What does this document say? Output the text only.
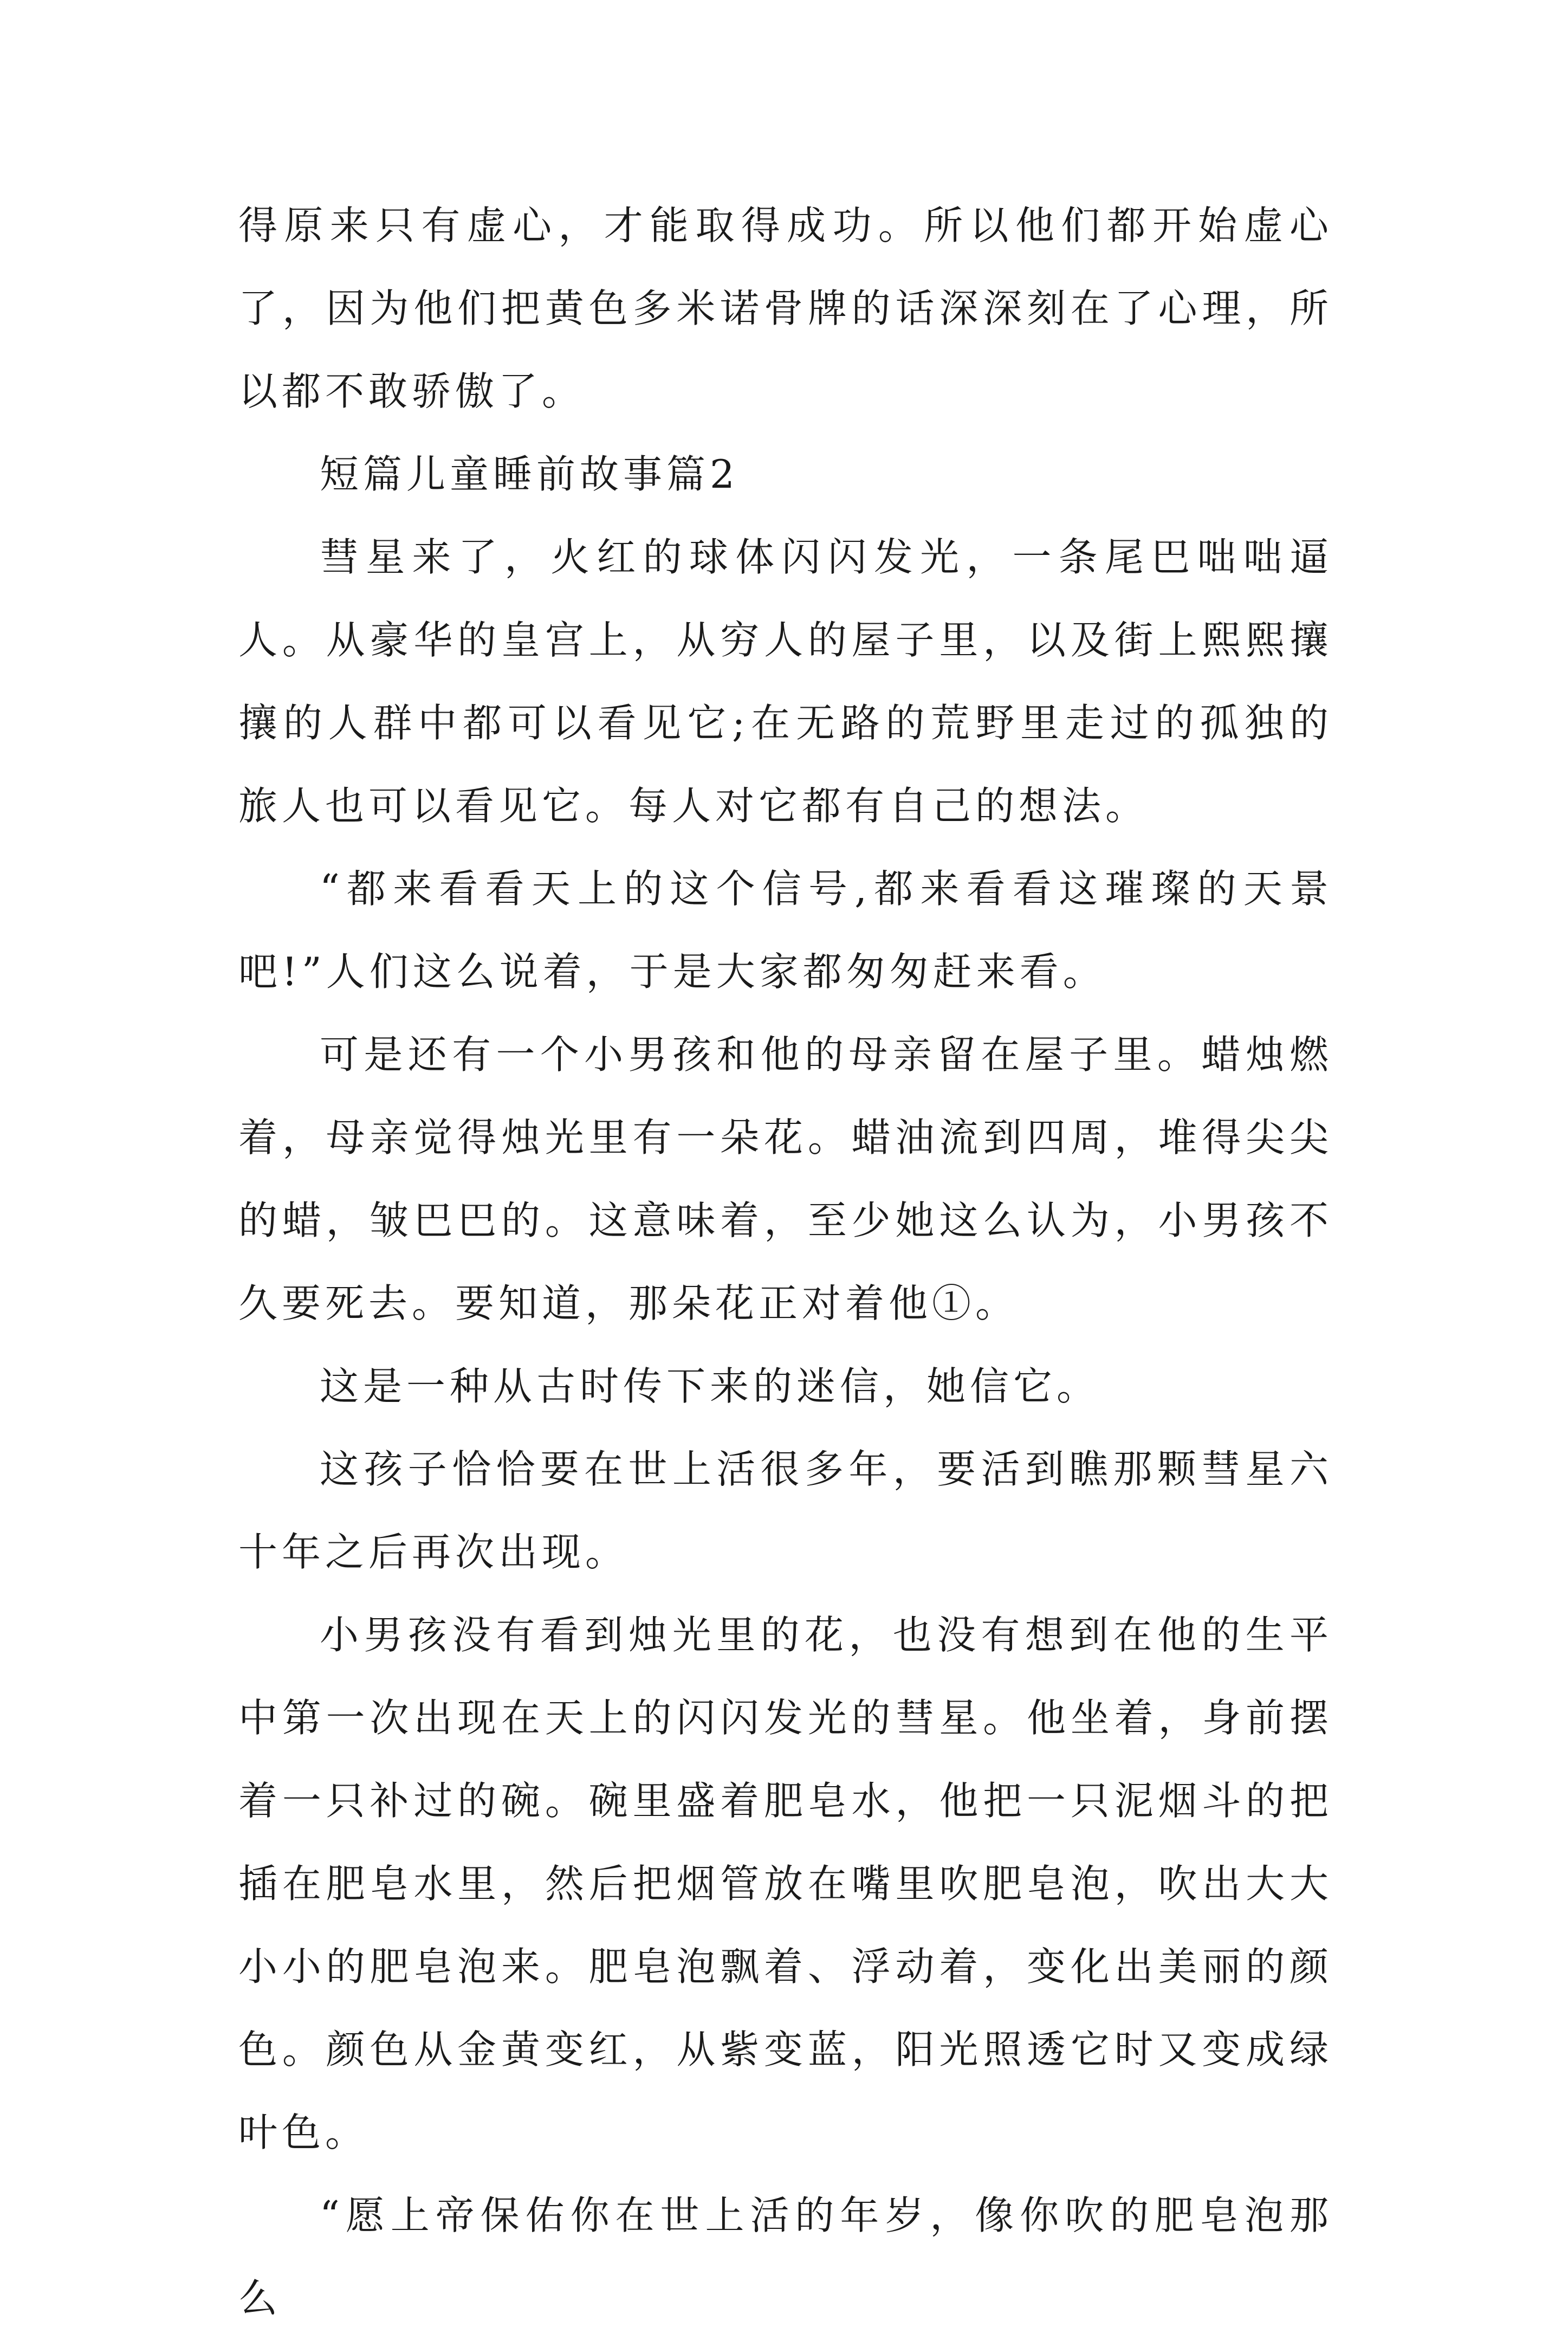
得原来只有虚心，才能取得成功。所以他们都开始虚心了，因为他们把黄色多米诺骨牌的话深深刻在了心理，所以都不敢骄傲了。

短篇儿童睡前故事篇2

彗星来了，火红的球体闪闪发光，一条尾巴咄咄逼人。从豪华的皇宫上，从穷人的屋子里，以及街上熙熙攘攘的人群中都可以看见它;在无路的荒野里走过的孤独的旅人也可以看见它。每人对它都有自己的想法。

“都来看看天上的这个信号,都来看看这璀璨的天景吧!”人们这么说着，于是大家都匆匆赶来看。

可是还有一个小男孩和他的母亲留在屋子里。蜡烛燃着，母亲觉得烛光里有一朵花。蜡油流到四周，堆得尖尖的蜡，皱巴巴的。这意味着，至少她这么认为，小男孩不久要死去。要知道，那朵花正对着他①。

这是一种从古时传下来的迷信，她信它。

这孩子恰恰要在世上活很多年，要活到瞧那颗彗星六十年之后再次出现。

小男孩没有看到烛光里的花，也没有想到在他的生平中第一次出现在天上的闪闪发光的彗星。他坐着，身前摆着一只补过的碗。碗里盛着肥皂水，他把一只泥烟斗的把插在肥皂水里，然后把烟管放在嘴里吹肥皂泡，吹出大大小小的肥皂泡来。肥皂泡飘着、浮动着，变化出美丽的颜色。颜色从金黄变红，从紫变蓝，阳光照透它时又变成绿叶色。

“愿上帝保佑你在世上活的年岁，像你吹的肥皂泡那么
